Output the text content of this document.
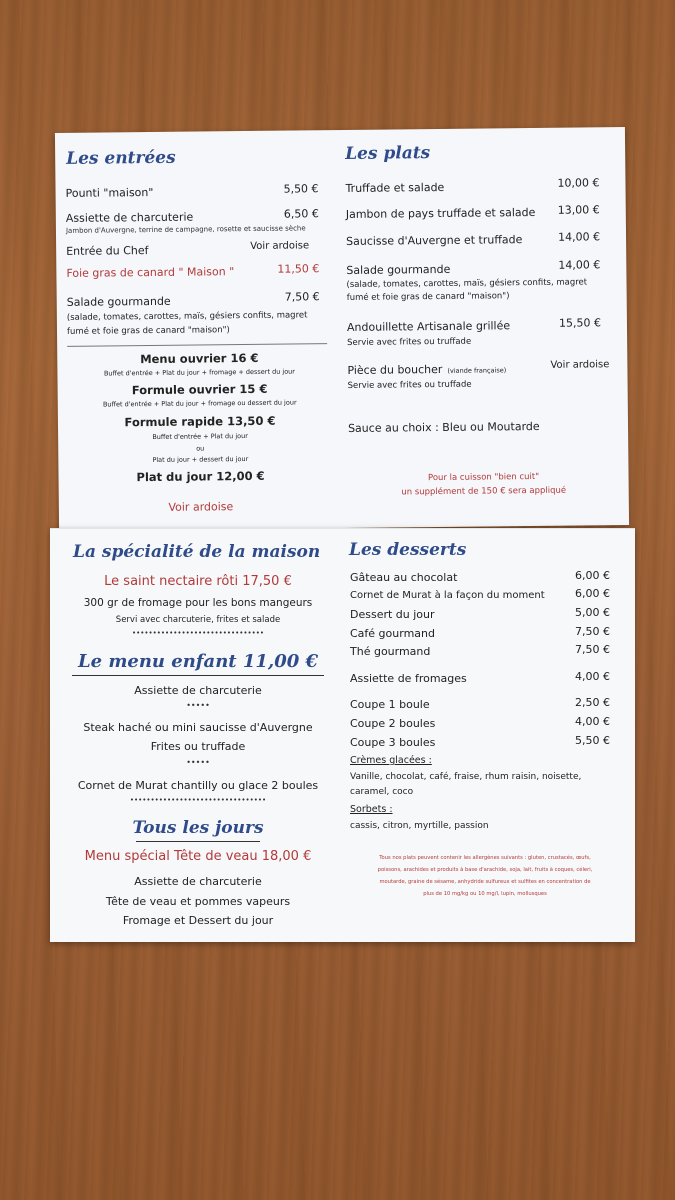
Les entrées
Pounti "maison"	5,50 €
Assiette de charcuterie	6,50 €
Jambon d'Auvergne, terrine de campagne, rosette et saucisse sèche
Entrée du Chef	Voir ardoise
Foie gras de canard " Maison "	11,50 €
Salade gourmande	7,50 €
(salade, tomates, carottes, maïs, gésiers confits, magret
fumé et foie gras de canard "maison")
Menu ouvrier 16 €
Buffet d'entrée + Plat du jour + fromage + dessert du jour
Formule ouvrier 15 €
Buffet d'entrée + Plat du jour + fromage ou dessert du jour
Formule rapide 13,50 €
Buffet d'entrée + Plat du jour
ou
Plat du jour + dessert du jour
Plat du jour 12,00 €
Voir ardoise
Les plats
Truffade et salade	10,00 €
Jambon de pays truffade et salade 13,00 €
Saucisse d'Auvergne et truffade	14,00 €
Salade gourmande	14,00 €
(salade, tomates, carottes, maïs, gésiers confits, magret
fumé et foie gras de canard "maison")
Andouillette Artisanale grillée	15,50 €
Servie avec frites ou truffade
Pièce du boucher (viande française)	Voir ardoise
Servie avec frites ou truffade
Sauce au choix : Bleu ou Moutarde
Pour la cuisson "bien cuit"
un supplément de 150 € sera appliqué
La spécialité de la maison
Le saint nectaire rôti 17,50 €
300 gr de fromage pour les bons mangeurs
Servi avec charcuterie, frites et salade
••••••••••••••••••••••••••••••••
Le menu enfant 11,00 €
Assiette de charcuterie
•••••
Steak haché ou mini saucisse d'Auvergne
Frites ou truffade
•••••
Cornet de Murat chantilly ou glace 2 boules
•••••••••••••••••••••••••••••••••
Tous les jours
Menu spécial Tête de veau 18,00 €
Assiette de charcuterie
Tête de veau et pommes vapeurs
Fromage et Dessert du jour
Les desserts
Gâteau au chocolat	6,00 €
Cornet de Murat à la façon du moment	6,00 €
Dessert du jour	5,00 €
Café gourmand	7,50 €
Thé gourmand	7,50 €
Assiette de fromages	4,00 €
Coupe 1 boule	2,50 €
Coupe 2 boules	4,00 €
Coupe 3 boules	5,50 €
Crèmes glacées :
Vanille, chocolat, café, fraise, rhum raisin, noisette,
caramel, coco
Sorbets :
cassis, citron, myrtille, passion
Tous nos plats peuvent contenir les allergènes suivants : gluten, crustacés, œufs,
poissons, arachides et produits à base d'arachide, soja, lait, fruits à coques, céleri,
moutarde, graine de sésame, anhydride sulfureux et sulfites en concentration de
plus de 10 mg/kg ou 10 mg/l, lupin, mollusques
